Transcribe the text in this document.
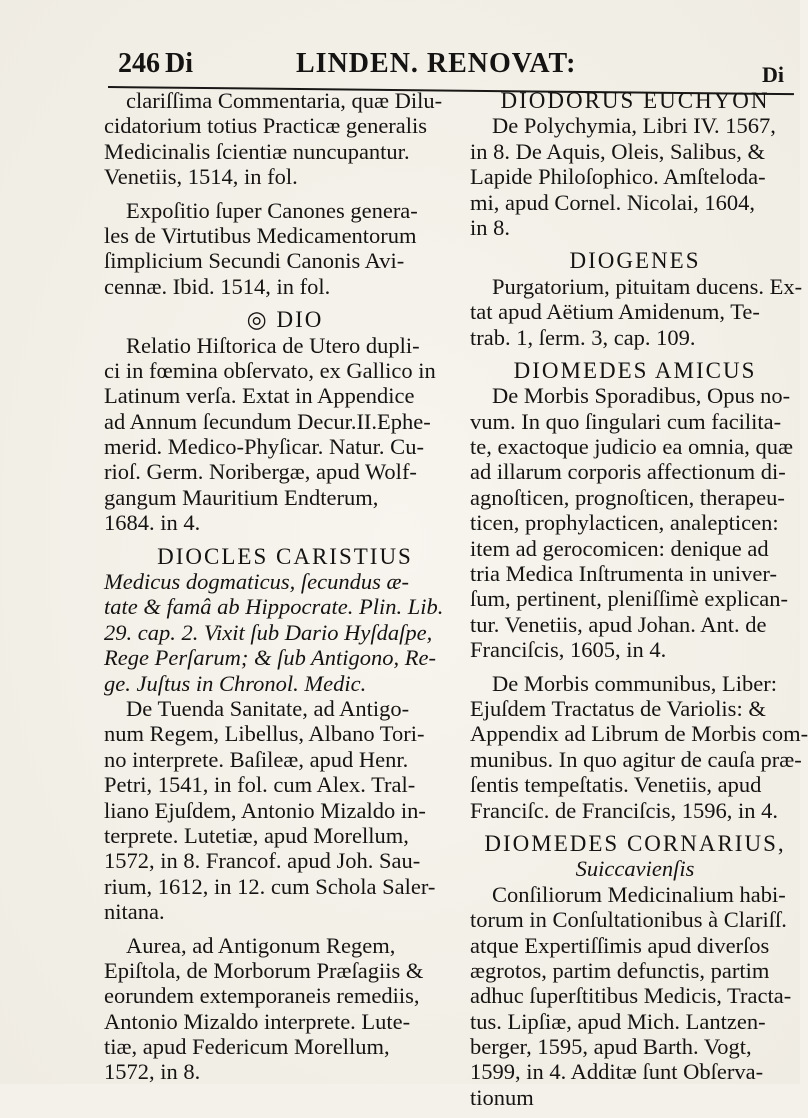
246 Di	LINDEN. RENOVAT:	Di
clariſſima Commentaria, quæ Dilu-
cidatorium totius Practicæ generalis
Medicinalis ſcientiæ nuncupantur.
Venetiis, 1514, in fol.
Expoſitio ſuper Canones genera-
les de Virtutibus Medicamentorum
ſimplicium Secundi Canonis Avi-
cennæ. Ibid. 1514, in fol.
◎ DIO
Relatio Hiſtorica de Utero dupli-
ci in fœmina obſervato, ex Gallico in
Latinum verſa. Extat in Appendice
ad Annum ſecundum Decur.II.Ephe-
merid. Medico-Phyſicar. Natur. Cu-
rioſ. Germ. Noribergæ, apud Wolf-
gangum Mauritium Endterum,
1684. in 4.
DIOCLES CARISTIUS
Medicus dogmaticus, ſecundus æ-
tate & famâ ab Hippocrate. Plin. Lib.
29. cap. 2. Vixit ſub Dario Hyſdaſpe,
Rege Perſarum; & ſub Antigono, Re-
ge. Juſtus in Chronol. Medic.
De Tuenda Sanitate, ad Antigo-
num Regem, Libellus, Albano Tori-
no interprete. Baſileæ, apud Henr.
Petri, 1541, in fol. cum Alex. Tral-
liano Ejuſdem, Antonio Mizaldo in-
terprete. Lutetiæ, apud Morellum,
1572, in 8. Francof. apud Joh. Sau-
rium, 1612, in 12. cum Schola Saler-
nitana.
Aurea, ad Antigonum Regem,
Epiſtola, de Morborum Præſagiis &
eorundem extemporaneis remediis,
Antonio Mizaldo interprete. Lute-
tiæ, apud Federicum Morellum,
1572, in 8.
DIODORUS EUCHYON
De Polychymia, Libri IV. 1567,
in 8. De Aquis, Oleis, Salibus, &
Lapide Philoſophico. Amſteloda-
mi, apud Cornel. Nicolai, 1604,
in 8.
DIOGENES
Purgatorium, pituitam ducens. Ex-
tat apud Aëtium Amidenum, Te-
trab. 1, ſerm. 3, cap. 109.
DIOMEDES AMICUS
De Morbis Sporadibus, Opus no-
vum. In quo ſingulari cum facilita-
te, exactoque judicio ea omnia, quæ
ad illarum corporis affectionum di-
agnoſticen, prognoſticen, therapeu-
ticen, prophylacticen, analepticen:
item ad gerocomicen: denique ad
tria Medica Inſtrumenta in univer-
ſum, pertinent, pleniſſimè explican-
tur. Venetiis, apud Johan. Ant. de
Franciſcis, 1605, in 4.
De Morbis communibus, Liber:
Ejuſdem Tractatus de Variolis: &
Appendix ad Librum de Morbis com-
munibus. In quo agitur de cauſa præ-
ſentis tempeſtatis. Venetiis, apud
Franciſc. de Franciſcis, 1596, in 4.
DIOMEDES CORNARIUS,
Suiccavienſis
Conſiliorum Medicinalium habi-
torum in Conſultationibus à Clariſſ.
atque Expertiſſimis apud diverſos
ægrotos, partim defunctis, partim
adhuc ſuperſtitibus Medicis, Tracta-
tus. Lipſiæ, apud Mich. Lantzen-
berger, 1595, apud Barth. Vogt,
1599, in 4. Additæ ſunt Obſerva-
tionum
